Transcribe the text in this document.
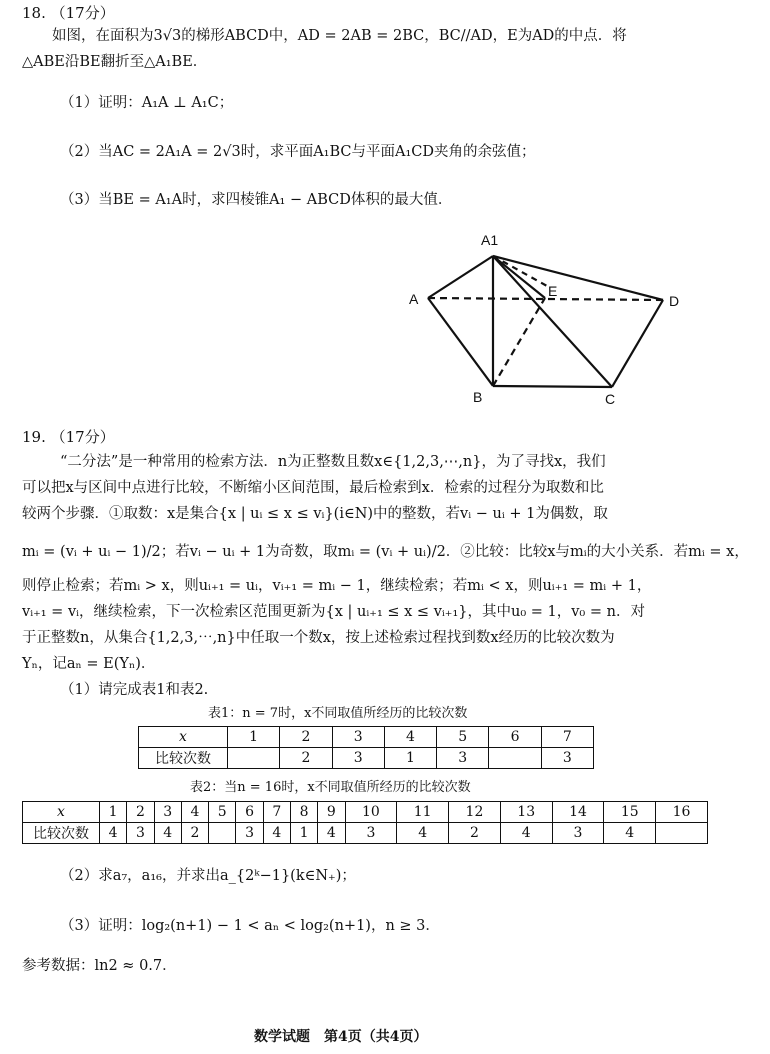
18. （17分）
如图，在面积为3√3的梯形ABCD中，AD = 2AB = 2BC，BC//AD，E为AD的中点．将
△ABE沿BE翻折至△A₁BE．
（1）证明：A₁A ⊥ A₁C；
（2）当AC = 2A₁A = 2√3时，求平面A₁BC与平面A₁CD夹角的余弦值；
（3）当BE = A₁A时，求四棱锥A₁ − ABCD体积的最大值．
A1
A	E
D
B	C
19. （17分）
“二分法”是一种常用的检索方法．n为正整数且数x∈{1,2,3,⋯,n}，为了寻找x，我们
可以把x与区间中点进行比较，不断缩小区间范围，最后检索到x．检索的过程分为取数和比
较两个步骤．①取数：x是集合{x | uᵢ ≤ x ≤ vᵢ}(i∈N)中的整数，若vᵢ − uᵢ + 1为偶数，取
mᵢ = (vᵢ + uᵢ − 1)/2；若vᵢ − uᵢ + 1为奇数，取mᵢ = (vᵢ + uᵢ)/2．②比较：比较x与mᵢ的大小关系．若mᵢ = x，
则停止检索；若mᵢ > x，则uᵢ₊₁ = uᵢ，vᵢ₊₁ = mᵢ − 1，继续检索；若mᵢ < x，则uᵢ₊₁ = mᵢ + 1，
vᵢ₊₁ = vᵢ，继续检索，下一次检索区范围更新为{x | uᵢ₊₁ ≤ x ≤ vᵢ₊₁}，其中u₀ = 1，v₀ = n．对
于正整数n，从集合{1,2,3,⋯,n}中任取一个数x，按上述检索过程找到数x经历的比较次数为
Yₙ，记aₙ = E(Yₙ)．
（1）请完成表1和表2.
表1：n = 7时，x不同取值所经历的比较次数
x	1	2	3	4	5	6	7
比较次数		2	3	1	3		3
表2：当n = 16时，x不同取值所经历的比较次数
x	1	2	3	4	5	6	7	8	9	10	11	12	13	14	15	16
比较次数	4	3	4	2		3	4	1	4	3	4	2	4	3	4	
（2）求a₇，a₁₆，并求出a_{2ᵏ−1}(k∈N₊)；
（3）证明：log₂(n+1) − 1 < aₙ < log₂(n+1)，n ≥ 3．
参考数据：ln2 ≈ 0.7．
数学试题　第4页（共4页）
